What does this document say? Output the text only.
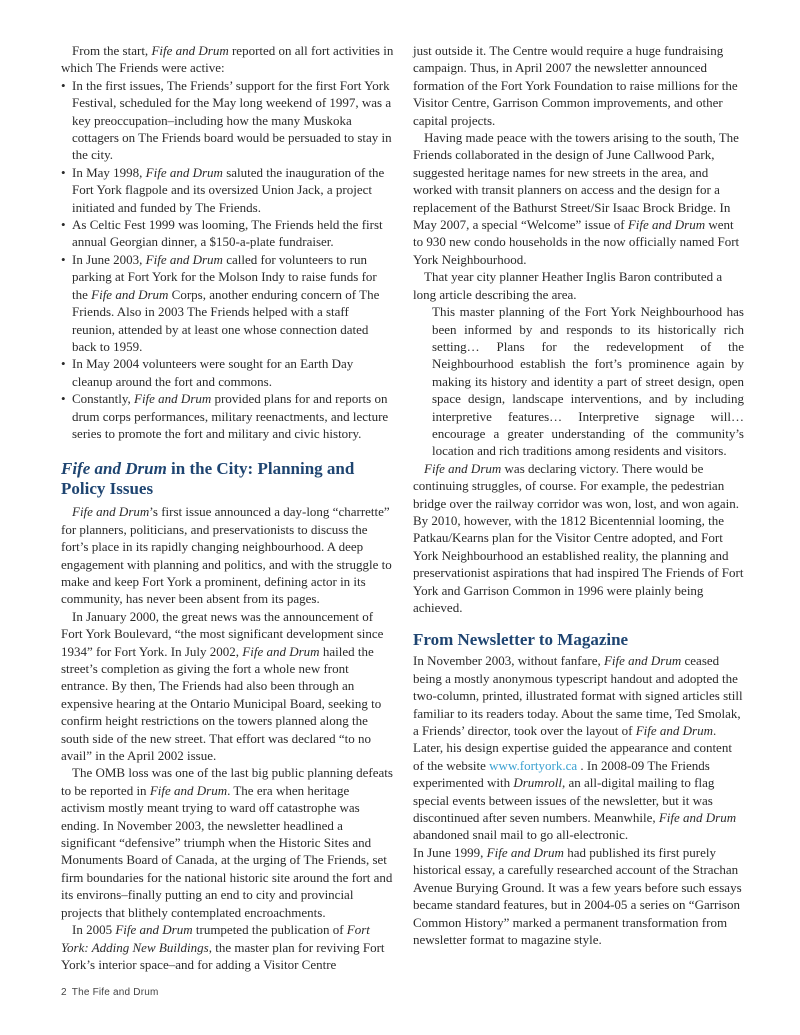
From the start, Fife and Drum reported on all fort activities in which The Friends were active:

• In the first issues, The Friends’ support for the first Fort York Festival, scheduled for the May long weekend of 1997, was a key preoccupation–including how the many Muskoka cottagers on The Friends board would be persuaded to stay in the city.
• In May 1998, Fife and Drum saluted the inauguration of the Fort York flagpole and its oversized Union Jack, a project initiated and funded by The Friends.
• As Celtic Fest 1999 was looming, The Friends held the first annual Georgian dinner, a $150-a-plate fundraiser.
• In June 2003, Fife and Drum called for volunteers to run parking at Fort York for the Molson Indy to raise funds for the Fife and Drum Corps, another enduring concern of The Friends. Also in 2003 The Friends helped with a staff reunion, attended by at least one whose connection dated back to 1959.
• In May 2004 volunteers were sought for an Earth Day cleanup around the fort and commons.
• Constantly, Fife and Drum provided plans for and reports on drum corps performances, military reenactments, and lecture series to promote the fort and military and civic history.
Fife and Drum in the City: Planning and Policy Issues

Fife and Drum’s first issue announced a day-long “charrette” for planners, politicians, and preservationists to discuss the fort’s place in its rapidly changing neighbourhood. A deep engagement with planning and politics, and with the struggle to make and keep Fort York a prominent, defining actor in its community, has never been absent from its pages.

In January 2000, the great news was the announcement of Fort York Boulevard, “the most significant development since 1934” for Fort York. In July 2002, Fife and Drum hailed the street’s completion as giving the fort a whole new front entrance. By then, The Friends had also been through an expensive hearing at the Ontario Municipal Board, seeking to confirm height restrictions on the towers planned along the south side of the new street. That effort was declared “to no avail” in the April 2002 issue.

The OMB loss was one of the last big public planning defeats to be reported in Fife and Drum. The era when heritage activism mostly meant trying to ward off catastrophe was ending. In November 2003, the newsletter headlined a significant “defensive” triumph when the Historic Sites and Monuments Board of Canada, at the urging of The Friends, set firm boundaries for the national historic site around the fort and its environs–finally putting an end to city and provincial projects that blithely contemplated encroachments.

In 2005 Fife and Drum trumpeted the publication of Fort York: Adding New Buildings, the master plan for reviving Fort York’s interior space–and for adding a Visitor Centre

just outside it. The Centre would require a huge fundraising campaign. Thus, in April 2007 the newsletter announced formation of the Fort York Foundation to raise millions for the Visitor Centre, Garrison Common improvements, and other capital projects.

Having made peace with the towers arising to the south, The Friends collaborated in the design of June Callwood Park, suggested heritage names for new streets in the area, and worked with transit planners on access and the design for a replacement of the Bathurst Street/Sir Isaac Brock Bridge. In May 2007, a special “Welcome” issue of Fife and Drum went to 930 new condo households in the now officially named Fort York Neighbourhood.

That year city planner Heather Inglis Baron contributed a long article describing the area.

This master planning of the Fort York Neighbourhood has been informed by and responds to its historically rich setting… Plans for the redevelopment of the Neighbourhood establish the fort’s prominence again by making its history and identity a part of street design, open space design, landscape interventions, and by including interpretive features… Interpretive signage will… encourage a greater understanding of the community’s location and rich traditions among residents and visitors.

Fife and Drum was declaring victory. There would be continuing struggles, of course. For example, the pedestrian bridge over the railway corridor was won, lost, and won again. By 2010, however, with the 1812 Bicentennial looming, the Patkau/Kearns plan for the Visitor Centre adopted, and Fort York Neighbourhood an established reality, the planning and preservationist aspirations that had inspired The Friends of Fort York and Garrison Common in 1996 were plainly being achieved.

From Newsletter to Magazine

In November 2003, without fanfare, Fife and Drum ceased being a mostly anonymous typescript handout and adopted the two-column, printed, illustrated format with signed articles still familiar to its readers today. About the same time, Ted Smolak, a Friends’ director, took over the layout of Fife and Drum. Later, his design expertise guided the appearance and content of the website www.fortyork.ca . In 2008-09 The Friends experimented with Drumroll, an all-digital mailing to flag special events between issues of the newsletter, but it was discontinued after seven numbers. Meanwhile, Fife and Drum abandoned snail mail to go all-electronic.

In June 1999, Fife and Drum had published its first purely historical essay, a carefully researched account of the Strachan Avenue Burying Ground. It was a few years before such essays became standard features, but in 2004-05 a series on “Garrison Common History” marked a permanent transformation from newsletter format to magazine style.

2 The Fife and Drum
